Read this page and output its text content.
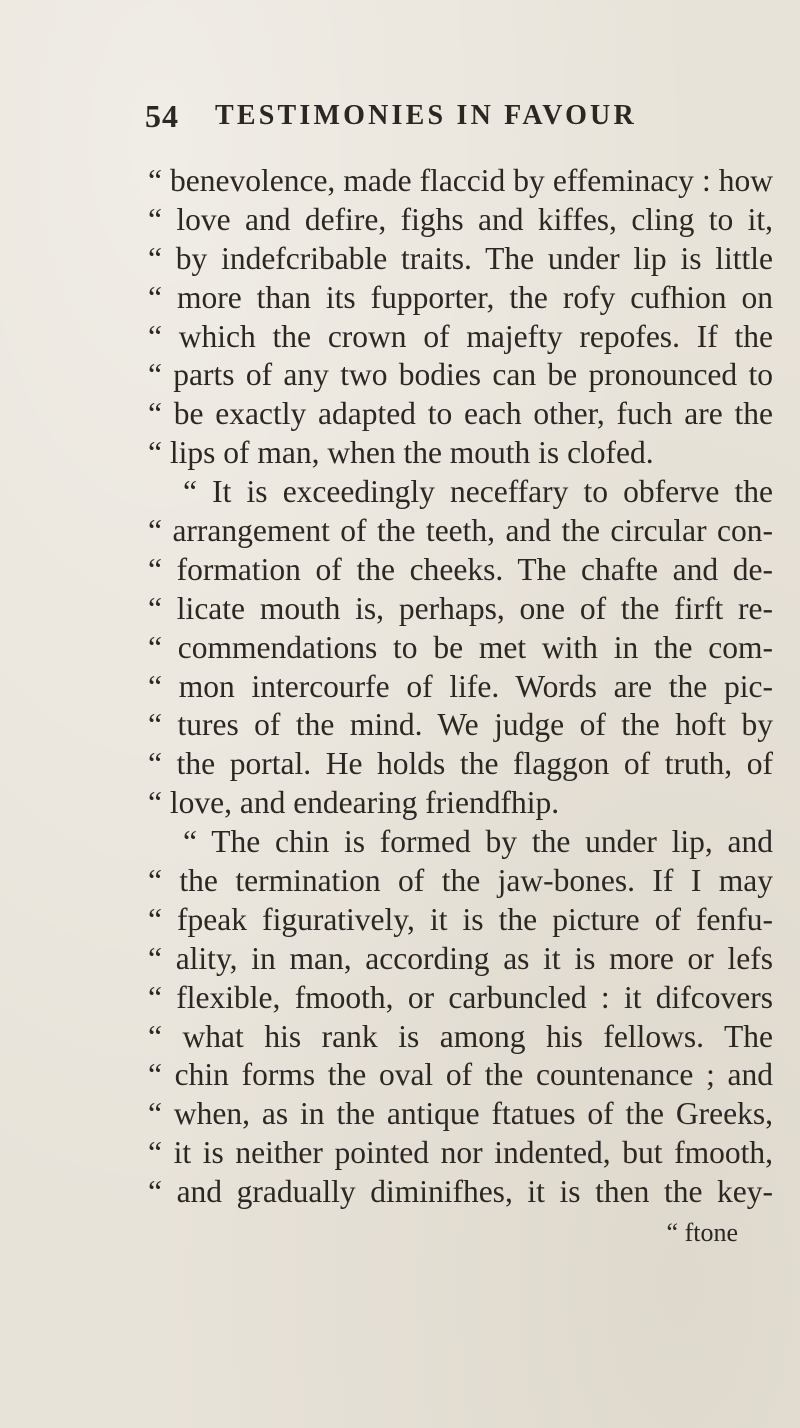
54 TESTIMONIES IN FAVOUR
“ benevolence, made flaccid by effeminacy : how
“ love and defire, fighs and kiffes, cling to it,
“ by indefcribable traits. The under lip is little
“ more than its fupporter, the rofy cufhion on
“ which the crown of majefty repofes. If the
“ parts of any two bodies can be pronounced to
“ be exactly adapted to each other, fuch are the
“ lips of man, when the mouth is clofed.
“ It is exceedingly neceffary to obferve the
“ arrangement of the teeth, and the circular con-
“ formation of the cheeks. The chafte and de-
“ licate mouth is, perhaps, one of the firft re-
“ commendations to be met with in the com-
“ mon intercourfe of life. Words are the pic-
“ tures of the mind. We judge of the hoft by
“ the portal. He holds the flaggon of truth, of
“ love, and endearing friendfhip.
“ The chin is formed by the under lip, and
“ the termination of the jaw-bones. If I may
“ fpeak figuratively, it is the picture of fenfu-
“ ality, in man, according as it is more or lefs
“ flexible, fmooth, or carbuncled : it difcovers
“ what his rank is among his fellows. The
“ chin forms the oval of the countenance ; and
“ when, as in the antique ftatues of the Greeks,
“ it is neither pointed nor indented, but fmooth,
“ and gradually diminifhes, it is then the key-
“ ftone
